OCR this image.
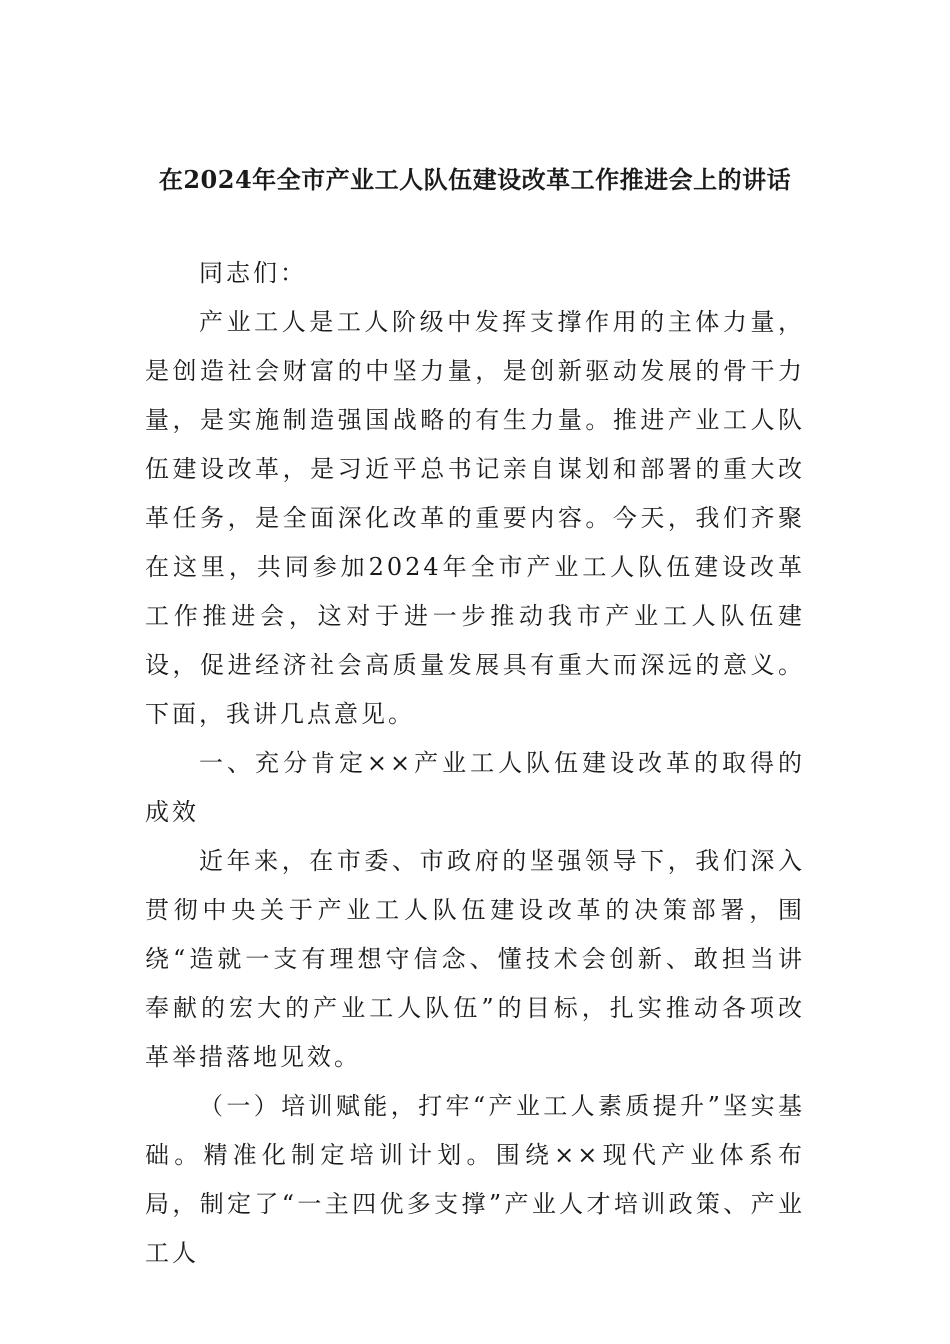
在2024年全市产业工人队伍建设改革工作推进会上的讲话

同志们：

产业工人是工人阶级中发挥支撑作用的主体力量，是创造社会财富的中坚力量，是创新驱动发展的骨干力量，是实施制造强国战略的有生力量。推进产业工人队伍建设改革，是习近平总书记亲自谋划和部署的重大改革任务，是全面深化改革的重要内容。今天，我们齐聚在这里，共同参加2024年全市产业工人队伍建设改革工作推进会，这对于进一步推动我市产业工人队伍建设，促进经济社会高质量发展具有重大而深远的意义。下面，我讲几点意见。

一、充分肯定××产业工人队伍建设改革的取得的成效

近年来，在市委、市政府的坚强领导下，我们深入贯彻中央关于产业工人队伍建设改革的决策部署，围绕“造就一支有理想守信念、懂技术会创新、敢担当讲奉献的宏大的产业工人队伍”的目标，扎实推动各项改革举措落地见效。

（一）培训赋能，打牢“产业工人素质提升”坚实基础。精准化制定培训计划。围绕××现代产业体系布局，制定了“一主四优多支撑”产业人才培训政策、产业工人
